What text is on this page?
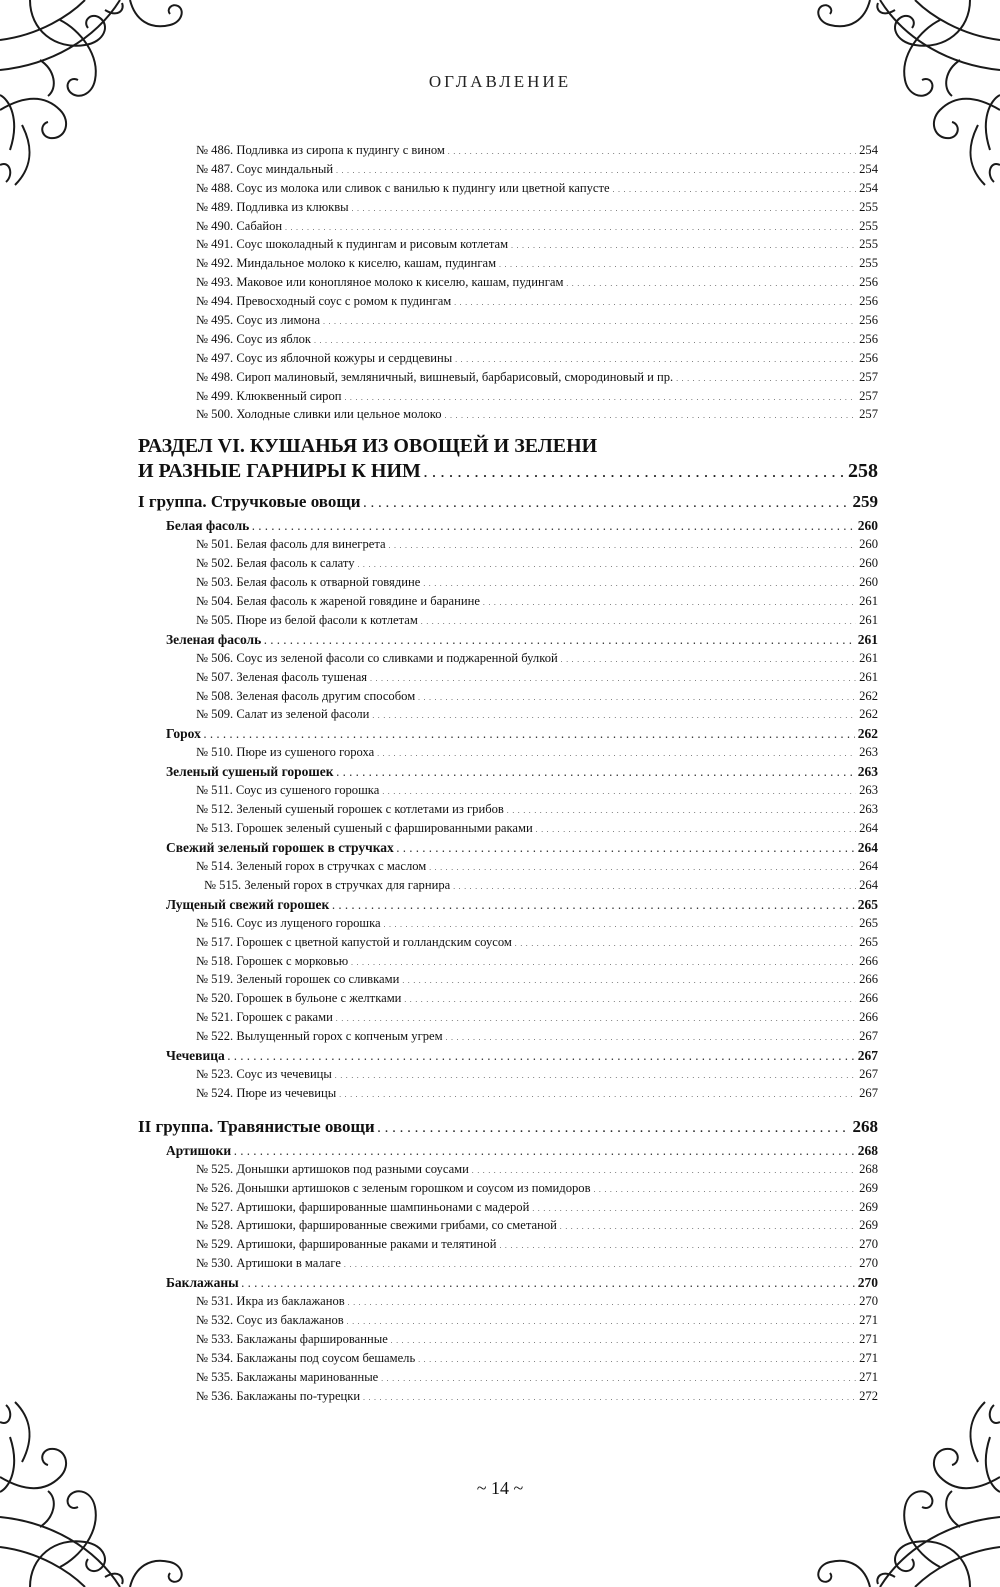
ОГЛАВЛЕНИЕ
№ 486. Подливка из сиропа к пудингу с вином . . .	254
№ 487. Соус миндальный . . .	254
№ 488. Соус из молока или сливок с ванилью к пудингу или цветной капусте . . .	254
№ 489. Подливка из клюквы . . .	255
№ 490. Сабайон . . .	255
№ 491. Соус шоколадный к пудингам и рисовым котлетам . . .	255
№ 492. Миндальное молоко к киселю, кашам, пудингам . . .	255
№ 493. Маковое или конопляное молоко к киселю, кашам, пудингам . . .	256
№ 494. Превосходный соус с ромом к пудингам . . .	256
№ 495. Соус из лимона . . .	256
№ 496. Соус из яблок . . .	256
№ 497. Соус из яблочной кожуры и сердцевины . . .	256
№ 498. Сироп малиновый, земляничный, вишневый, барбарисовый, смородиновый и пр. . . .	257
№ 499. Клюквенный сироп . . .	257
№ 500. Холодные сливки или цельное молоко . . .	257
РАЗДЕЛ VI. КУШАНЬЯ ИЗ ОВОЩЕЙ И ЗЕЛЕНИ
И РАЗНЫЕ ГАРНИРЫ К НИМ . . .	258
I группа. Стручковые овощи . . .	259
Белая фасоль . . .	260
№ 501. Белая фасоль для винегрета . . .	260
№ 502. Белая фасоль к салату . . .	260
№ 503. Белая фасоль к отварной говядине . . .	260
№ 504. Белая фасоль к жареной говядине и баранине . . .	261
№ 505. Пюре из белой фасоли к котлетам . . .	261
Зеленая фасоль . . .	261
№ 506. Соус из зеленой фасоли со сливками и поджаренной булкой . . .	261
№ 507. Зеленая фасоль тушеная . . .	261
№ 508. Зеленая фасоль другим способом . . .	262
№ 509. Салат из зеленой фасоли . . .	262
Горох . . .	262
№ 510. Пюре из сушеного гороха . . .	263
Зеленый сушеный горошек . . .	263
№ 511. Соус из сушеного горошка . . .	263
№ 512. Зеленый сушеный горошек с котлетами из грибов . . .	263
№ 513. Горошек зеленый сушеный с фаршированными раками . . .	264
Свежий зеленый горошек в стручках . . .	264
№ 514. Зеленый горох в стручках с маслом . . .	264
№ 515. Зеленый горох в стручках для гарнира . . .	264
Лущеный свежий горошек . . .	265
№ 516. Соус из лущеного горошка . . .	265
№ 517. Горошек с цветной капустой и голландским соусом . . .	265
№ 518. Горошек с морковью . . .	266
№ 519. Зеленый горошек со сливками . . .	266
№ 520. Горошек в бульоне с желтками . . .	266
№ 521. Горошек с раками . . .	266
№ 522. Вылущенный горох с копченым угрем . . .	267
Чечевица . . .	267
№ 523. Соус из чечевицы . . .	267
№ 524. Пюре из чечевицы . . .	267
II группа. Травянистые овощи . . .	268
Артишоки . . .	268
№ 525. Донышки артишоков под разными соусами . . .	268
№ 526. Донышки артишоков с зеленым горошком и соусом из помидоров . . .	269
№ 527. Артишоки, фаршированные шампиньонами с мадерой . . .	269
№ 528. Артишоки, фаршированные свежими грибами, со сметаной . . .	269
№ 529. Артишоки, фаршированные раками и телятиной . . .	270
№ 530. Артишоки в малаге . . .	270
Баклажаны . . .	270
№ 531. Икра из баклажанов . . .	270
№ 532. Соус из баклажанов . . .	271
№ 533. Баклажаны фаршированные . . .	271
№ 534. Баклажаны под соусом бешамель . . .	271
№ 535. Баклажаны маринованные . . .	271
№ 536. Баклажаны по-турецки . . .	272
~ 14 ~
